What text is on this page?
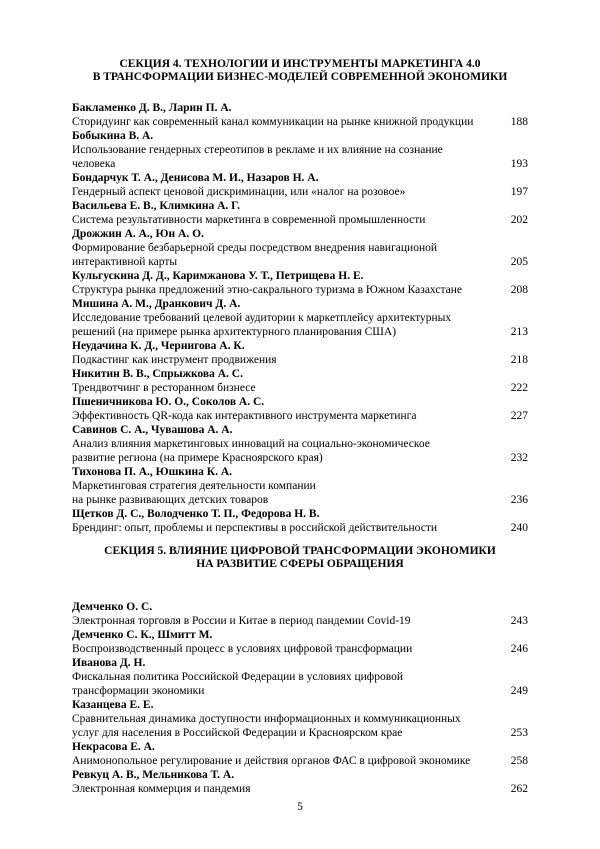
СЕКЦИЯ 4. ТЕХНОЛОГИИ И ИНСТРУМЕНТЫ МАРКЕТИНГА 4.0
В ТРАНСФОРМАЦИИ БИЗНЕС-МОДЕЛЕЙ СОВРЕМЕННОЙ ЭКОНОМИКИ
Бакламенко Д. В., Ларин П. А.
Сторидуинг как современный канал коммуникации на рынке книжной продукции	188
Бобыкина В. А.
Использование гендерных стереотипов в рекламе и их влияние на сознание
человека	193
Бондарчук Т. А., Денисова М. И., Назаров Н. А.
Гендерный аспект ценовой дискриминации, или «налог на розовое»	197
Васильева Е. В., Климкина А. Г.
Система результативности маркетинга в современной промышленности	202
Дрожжин А. А., Юн А. О.
Формирование безбарьерной среды посредством внедрения навигационой
интерактивной карты	205
Кульгускина Д. Д., Каримжанова У. Т., Петрищева Н. Е.
Структура рынка предложений этно-сакрального туризма в Южном Казахстане	208
Мишина А. М., Дранкович Д. А.
Исследование требований целевой аудитории к маркетплейсу архитектурных
решений (на примере рынка архитектурного планирования США)	213
Неудачина К. Д., Чернигова А. К.
Подкастинг как инструмент продвижения	218
Никитин В. В., Спрыжкова А. С.
Трендвотчинг в ресторанном бизнесе	222
Пшеничникова Ю. О., Соколов А. С.
Эффективность QR-кода как интерактивного инструмента маркетинга	227
Савинов С. А., Чувашова А. А.
Анализ влияния маркетинговых инноваций на социально-экономическое
развитие региона (на примере Красноярского края)	232
Тихонова П. А., Юшкина К. А.
Маркетинговая стратегия деятельности компании
на рынке развивающих детских товаров	236
Щетков Д. С., Володченко Т. П., Федорова Н. В.
Брендинг: опыт, проблемы и перспективы в российской действительности	240
СЕКЦИЯ 5. ВЛИЯНИЕ ЦИФРОВОЙ ТРАНСФОРМАЦИИ ЭКОНОМИКИ
НА РАЗВИТИЕ СФЕРЫ ОБРАЩЕНИЯ
Демченко О. С.
Электронная торговля в России и Китае в период пандемии Covid-19	243
Демченко С. К., Шмитт М.
Воспроизводственный процесс в условиях цифровой трансформации	246
Иванова Д. Н.
Фискальная политика Российской Федерации в условиях цифровой
трансформации экономики	249
Казанцева Е. Е.
Сравнительная динамика доступности информационных и коммуникационных
услуг для населения в Российской Федерации и Красноярском крае	253
Некрасова Е. А.
Анимонопольное регулирование и действия органов ФАС в цифровой экономике	258
Ревкуц А. В., Мельникова Т. А.
Электронная коммерция и пандемия	262
5
